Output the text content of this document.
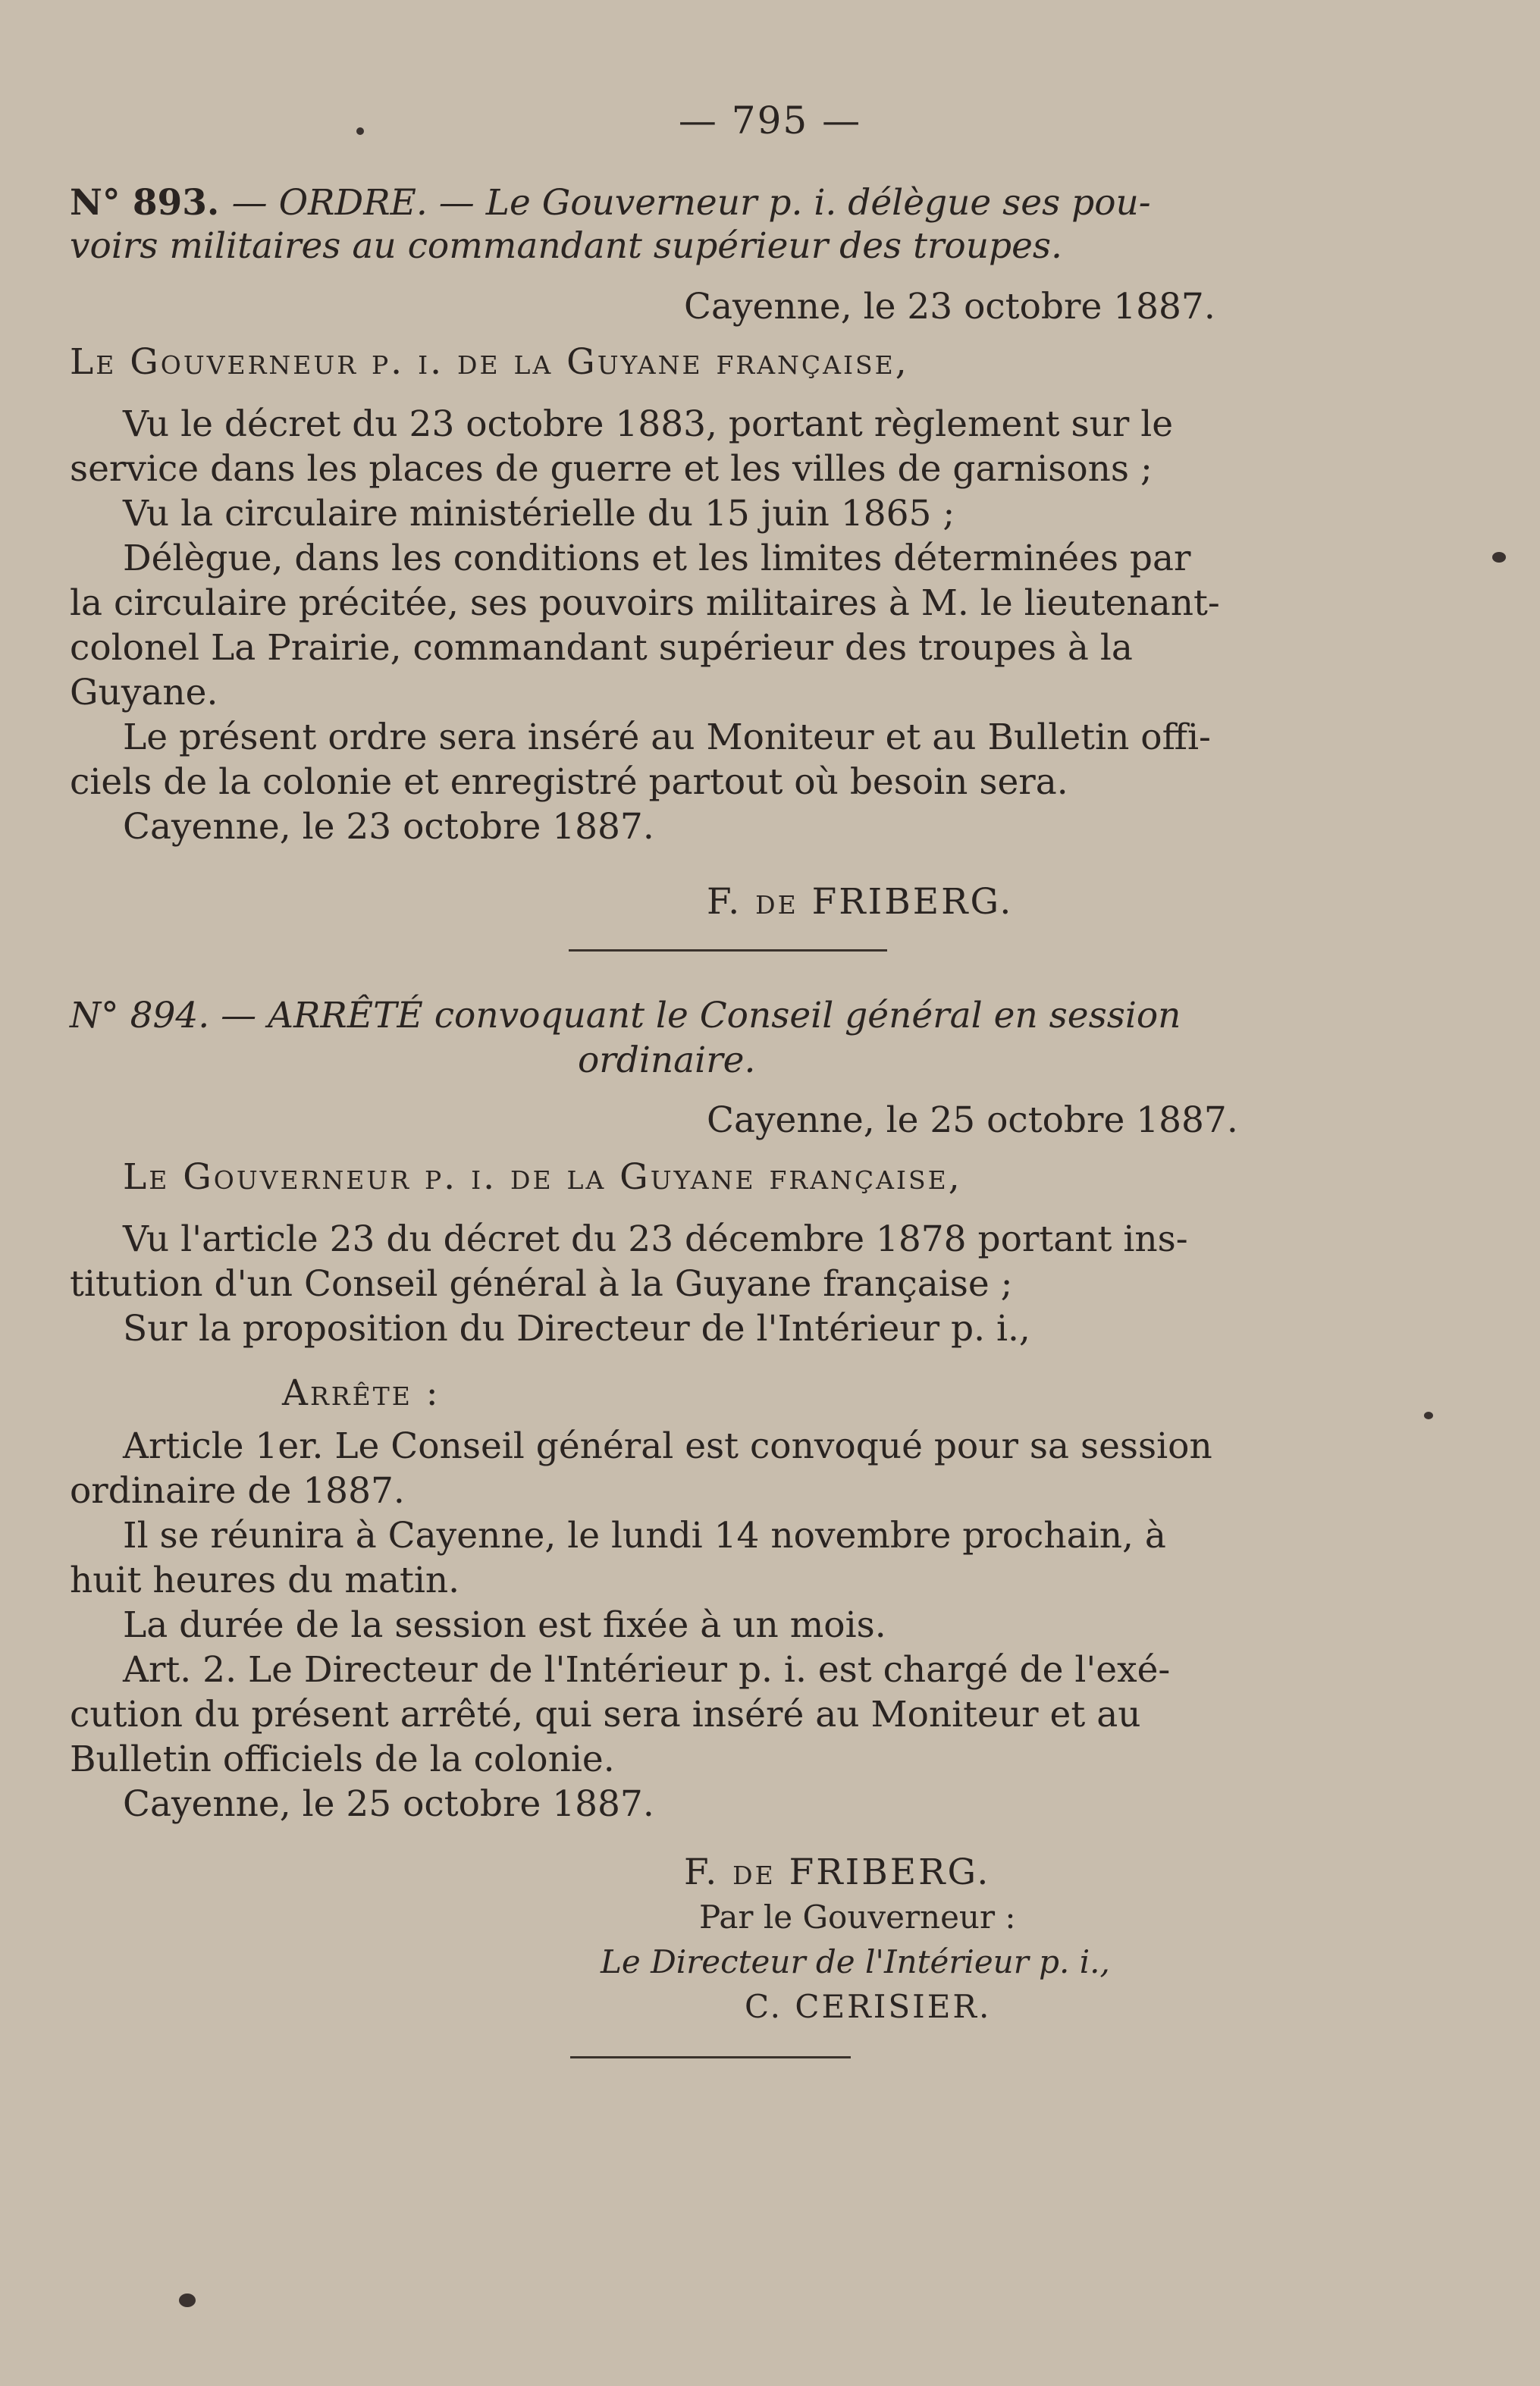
— 795 —

N° 893. — ORDRE. — Le Gouverneur p. i. délègue ses pou-

voirs militaires au commandant supérieur des troupes.

Cayenne, le 23 octobre 1887.

Le Gouverneur p. i. de la Guyane française,

Vu le décret du 23 octobre 1883, portant règlement sur le

service dans les places de guerre et les villes de garnisons ;

Vu la circulaire ministérielle du 15 juin 1865 ;

Délègue, dans les conditions et les limites déterminées par

la circulaire précitée, ses pouvoirs militaires à M. le lieutenant-

colonel La Prairie, commandant supérieur des troupes à la

Guyane.

Le présent ordre sera inséré au Moniteur et au Bulletin offi-

ciels de la colonie et enregistré partout où besoin sera.

Cayenne, le 23 octobre 1887.

F. de FRIBERG.

N° 894. — ARRÊTÉ convoquant le Conseil général en session

ordinaire.

Cayenne, le 25 octobre 1887.

Le Gouverneur p. i. de la Guyane française,

Vu l'article 23 du décret du 23 décembre 1878 portant ins-

titution d'un Conseil général à la Guyane française ;

Sur la proposition du Directeur de l'Intérieur p. i.,

Arrête :

Article 1er. Le Conseil général est convoqué pour sa session

ordinaire de 1887.

Il se réunira à Cayenne, le lundi 14 novembre prochain, à

huit heures du matin.

La durée de la session est fixée à un mois.

Art. 2. Le Directeur de l'Intérieur p. i. est chargé de l'exé-

cution du présent arrêté, qui sera inséré au Moniteur et au

Bulletin officiels de la colonie.

Cayenne, le 25 octobre 1887.

F. de FRIBERG.

Par le Gouverneur :

Le Directeur de l'Intérieur p. i.,

C. CERISIER.
